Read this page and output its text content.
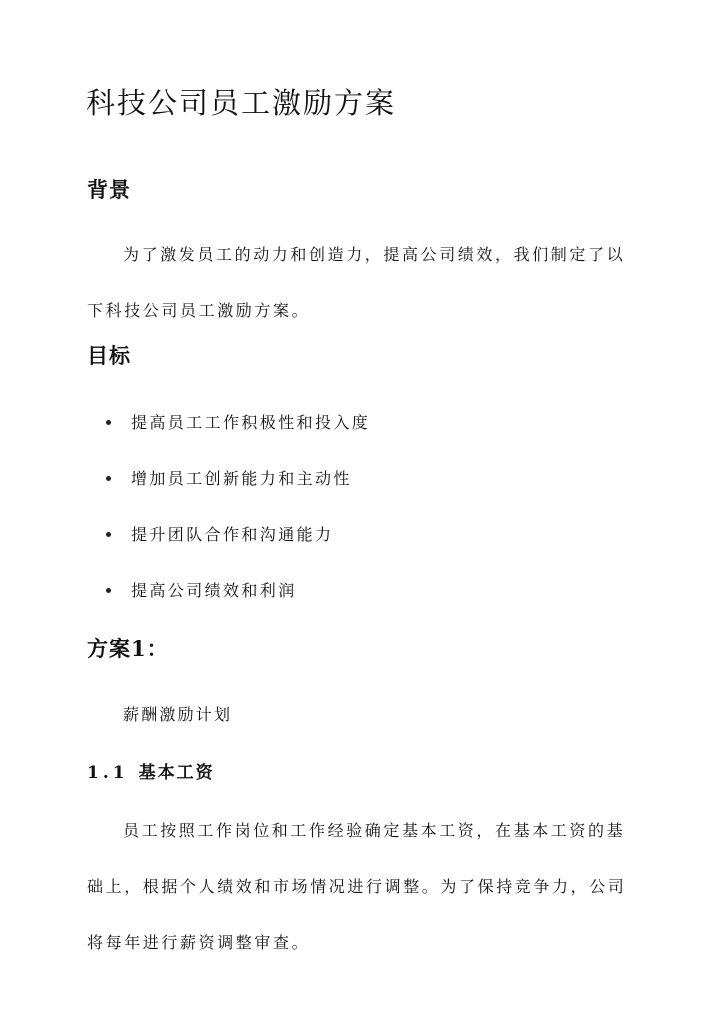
科技公司员工激励方案
背景

为了激发员工的动力和创造力，提高公司绩效，我们制定了以下科技公司员工激励方案。

目标
提高员工工作积极性和投入度
增加员工创新能力和主动性
提升团队合作和沟通能力
提高公司绩效和利润
方案1：
薪酬激励计划
1.1 基本工资

员工按照工作岗位和工作经验确定基本工资，在基本工资的基础上，根据个人绩效和市场情况进行调整。为了保持竞争力，公司将每年进行薪资调整审查。
